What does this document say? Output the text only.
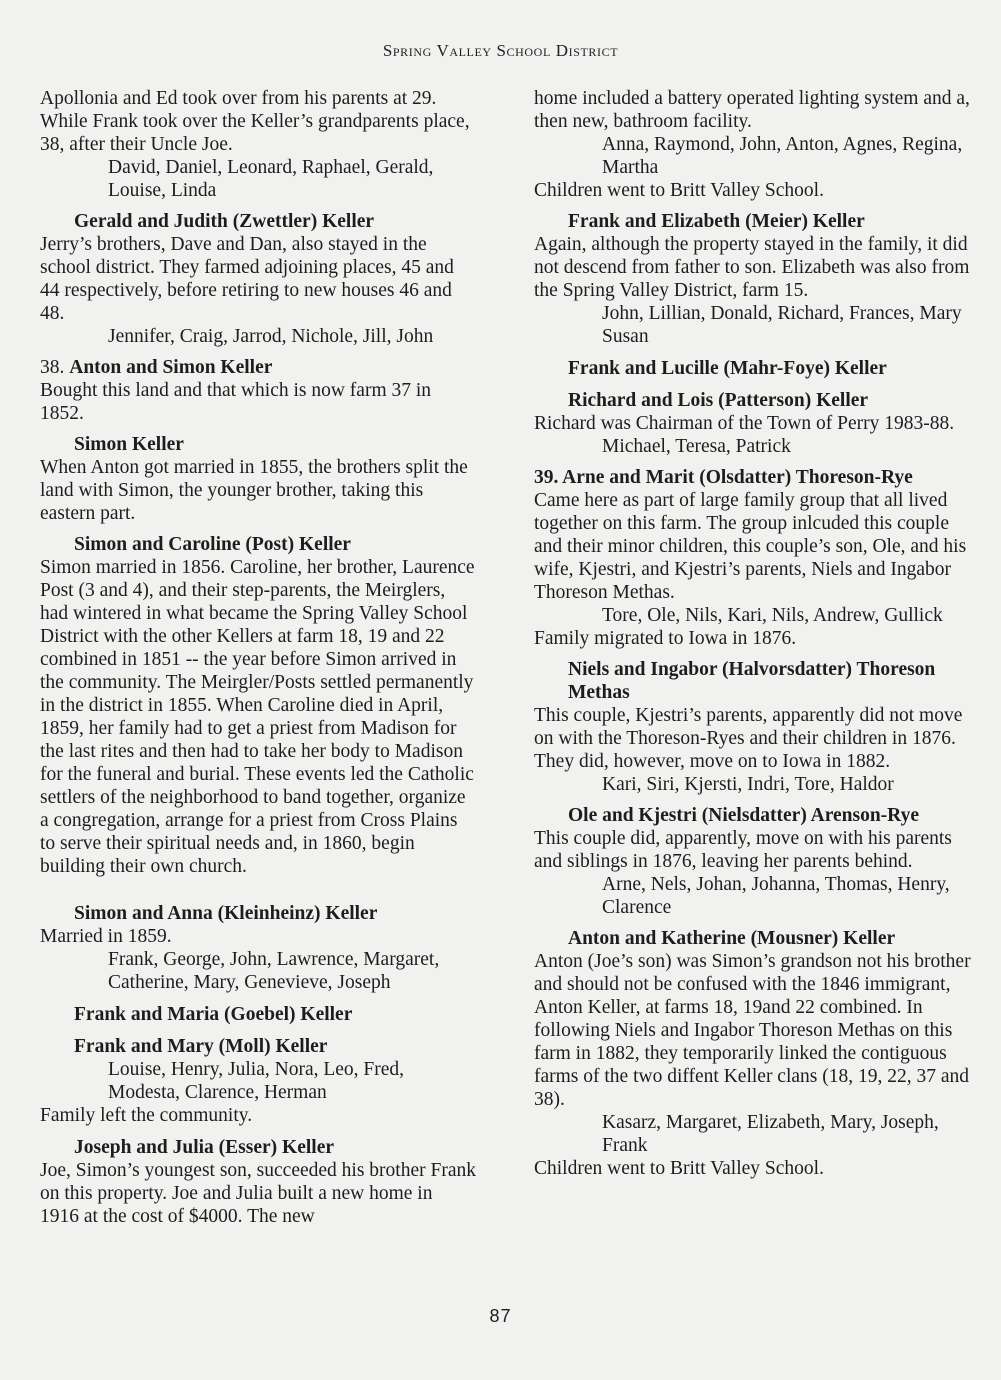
Spring Valley School District

Apollonia and Ed took over from his parents at 29. While Frank took over the Keller’s grandparents place, 38, after their Uncle Joe.

David, Daniel, Leonard, Raphael, Gerald, Louise, Linda

Gerald and Judith (Zwettler) Keller

Jerry’s brothers, Dave and Dan, also stayed in the school district. They farmed adjoining places, 45 and 44 respectively, before retiring to new houses 46 and 48.

Jennifer, Craig, Jarrod, Nichole, Jill, John

38. Anton and Simon Keller

Bought this land and that which is now farm 37 in 1852.

Simon Keller

When Anton got married in 1855, the brothers split the land with Simon, the younger brother, taking this eastern part.

Simon and Caroline (Post) Keller

Simon married in 1856. Caroline, her brother, Laurence Post (3 and 4), and their step-parents, the Meirglers, had wintered in what became the Spring Valley School District with the other Kellers at farm 18, 19 and 22 combined in 1851 -- the year before Simon arrived in the community. The Meirgler/Posts settled permanently in the district in 1855. When Caroline died in April, 1859, her family had to get a priest from Madison for the last rites and then had to take her body to Madison for the funeral and burial. These events led the Catholic settlers of the neighborhood to band together, organize a congregation, arrange for a priest from Cross Plains to serve their spiritual needs and, in 1860, begin building their own church.

Simon and Anna (Kleinheinz) Keller

Married in 1859.

Frank, George, John, Lawrence, Margaret, Catherine, Mary, Genevieve, Joseph

Frank and Maria (Goebel) Keller

Frank and Mary (Moll) Keller

Louise, Henry, Julia, Nora, Leo, Fred, Modesta, Clarence, Herman

Family left the community.

Joseph and Julia (Esser) Keller

Joe, Simon’s youngest son, succeeded his brother Frank on this property. Joe and Julia built a new home in 1916 at the cost of $4000. The new

home included a battery operated lighting system and a, then new, bathroom facility.

Anna, Raymond, John, Anton, Agnes, Regina, Martha

Children went to Britt Valley School.

Frank and Elizabeth (Meier) Keller

Again, although the property stayed in the family, it did not descend from father to son. Elizabeth was also from the Spring Valley District, farm 15.

John, Lillian, Donald, Richard, Frances, Mary Susan

Frank and Lucille (Mahr-Foye) Keller

Richard and Lois (Patterson) Keller

Richard was Chairman of the Town of Perry 1983-88.

Michael, Teresa, Patrick

39. Arne and Marit (Olsdatter) Thoreson-Rye

Came here as part of large family group that all lived together on this farm. The group inlcuded this couple and their minor children, this couple’s son, Ole, and his wife, Kjestri, and Kjestri’s parents, Niels and Ingabor Thoreson Methas.

Tore, Ole, Nils, Kari, Nils, Andrew, Gullick

Family migrated to Iowa in 1876.

Niels and Ingabor (Halvorsdatter) Thoreson Methas

This couple, Kjestri’s parents, apparently did not move on with the Thoreson-Ryes and their children in 1876. They did, however, move on to Iowa in 1882.

Kari, Siri, Kjersti, Indri, Tore, Haldor

Ole and Kjestri (Nielsdatter) Arenson-Rye

This couple did, apparently, move on with his parents and siblings in 1876, leaving her parents behind.

Arne, Nels, Johan, Johanna, Thomas, Henry, Clarence

Anton and Katherine (Mousner) Keller

Anton (Joe’s son) was Simon’s grandson not his brother and should not be confused with the 1846 immigrant, Anton Keller, at farms 18, 19and 22 combined. In following Niels and Ingabor Thoreson Methas on this farm in 1882, they temporarily linked the contiguous farms of the two diffent Keller clans (18, 19, 22, 37 and 38).

Kasarz, Margaret, Elizabeth, Mary, Joseph, Frank

Children went to Britt Valley School.

87
